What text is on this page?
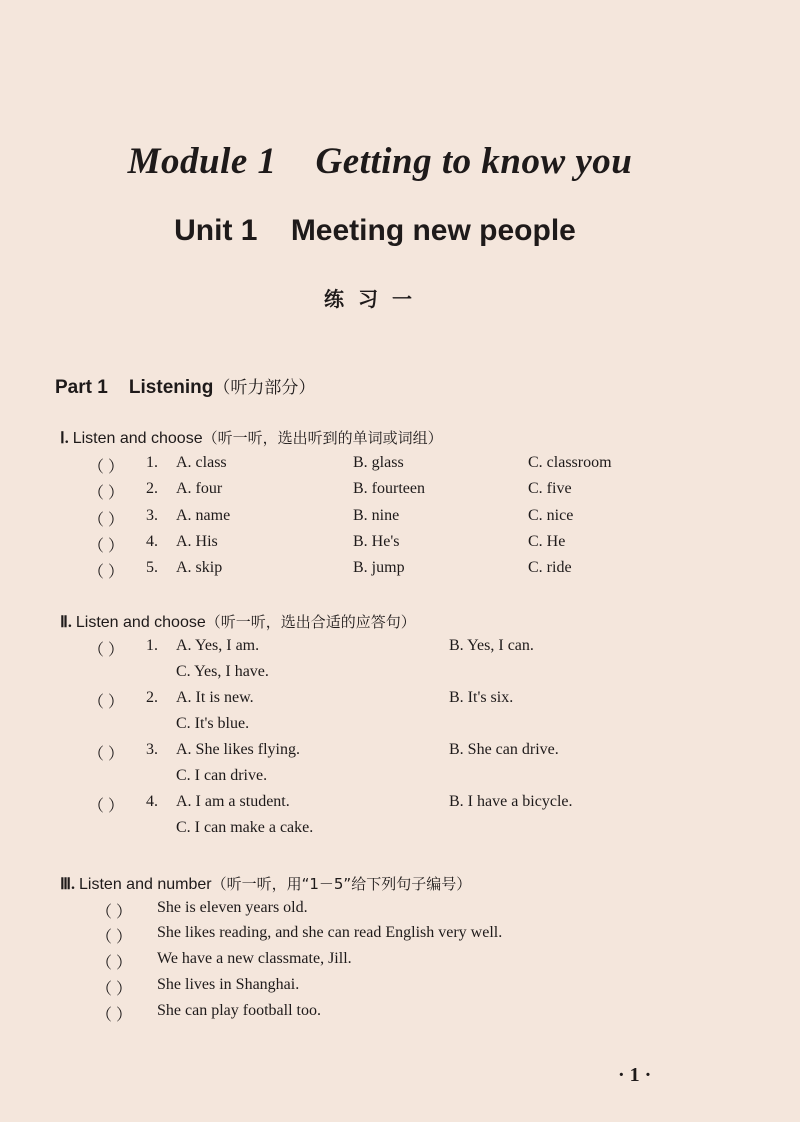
Module 1    Getting to know you
Unit 1    Meeting new people
练习一
Part 1    Listening（听力部分）
Ⅰ. Listen and choose（听一听，选出听到的单词或词组）
（ ） 1. A. class	B. glass	C. classroom
（ ） 2. A. four	B. fourteen	C. five
（ ） 3. A. name	B. nine	C. nice
（ ） 4. A. His	B. He's	C. He
（ ） 5. A. skip	B. jump	C. ride
Ⅱ. Listen and choose（听一听，选出合适的应答句）
（ ） 1. A. Yes, I am.	B. Yes, I can.
C. Yes, I have.
（ ） 2. A. It is new.	B. It's six.
C. It's blue.
（ ） 3. A. She likes flying.	B. She can drive.
C. I can drive.
（ ） 4. A. I am a student.	B. I have a bicycle.
C. I can make a cake.
Ⅲ. Listen and number（听一听，用“1－5”给下列句子编号）
（ ） She is eleven years old.
（ ） She likes reading, and she can read English very well.
（ ） We have a new classmate, Jill.
（ ） She lives in Shanghai.
（ ） She can play football too.
· 1 ·
